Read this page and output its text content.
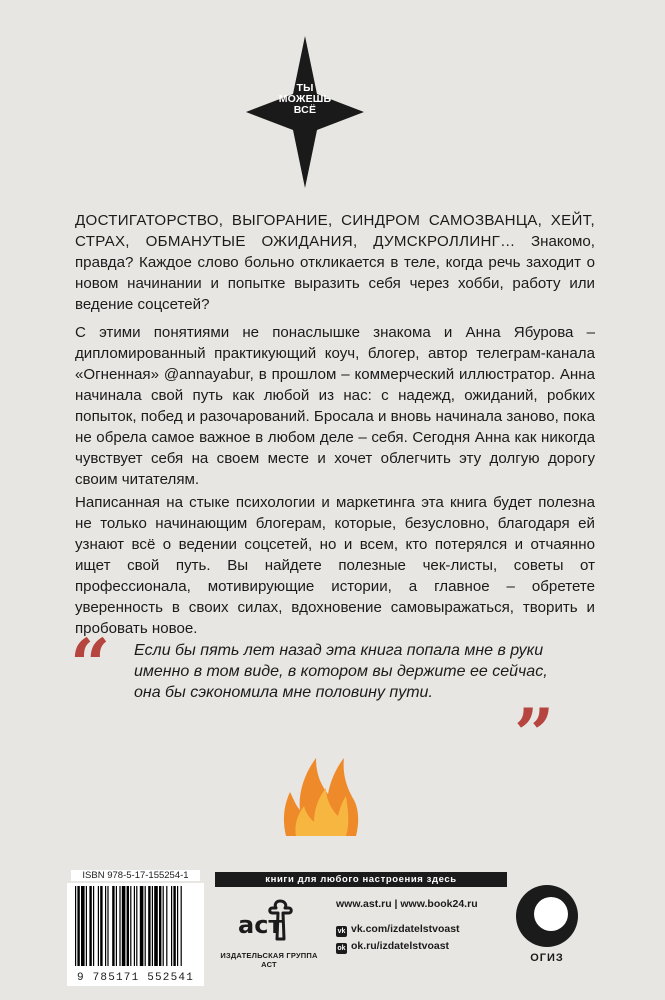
ТЫ
МОЖЕШЬ
ВСЁ

ДОСТИГАТОРСТВО, ВЫГОРАНИЕ, СИНДРОМ САМОЗВАНЦА, ХЕЙТ, СТРАХ, ОБМАНУТЫЕ ОЖИДАНИЯ, ДУМСКРОЛЛИНГ… Знакомо, правда? Каждое слово больно откликается в теле, когда речь заходит о новом начинании и попытке выразить себя через хобби, работу или ведение соцсетей?

С этими понятиями не понаслышке знакома и Анна Ябурова – дипломированный практикующий коуч, блогер, автор телеграм-канала «Огненная» @annayabur, в прошлом – коммерческий иллюстратор. Анна начинала свой путь как любой из нас: с надежд, ожиданий, робких попыток, побед и разочарований. Бросала и вновь начинала заново, пока не обрела самое важное в любом деле – себя. Сегодня Анна как никогда чувствует себя на своем месте и хочет облегчить эту долгую дорогу своим читателям.

Написанная на стыке психологии и маркетинга эта книга будет полезна не только начинающим блогерам, которые, безусловно, благодаря ей узнают всё о ведении соцсетей, но и всем, кто потерялся и отчаянно ищет свой путь. Вы найдете полезные чек-листы, советы от профессионала, мотивирующие истории, а главное – обретете уверенность в своих силах, вдохновение самовыражаться, творить и пробовать новое.

“ Если бы пять лет назад эта книга попала мне в руки именно в том виде, в котором вы держите ее сейчас, она бы сэкономила мне половину пути.

”
ISBN 978-5-17-155254-1
9 785171 552541
книги для любого настроения здесь
aст
ИЗДАТЕЛЬСКАЯ ГРУППА АСТ
www.ast.ru | www.book24.ru
vk vk.com/izdatelstvoast
ok ok.ru/izdatelstvoast
ОГИЗ
